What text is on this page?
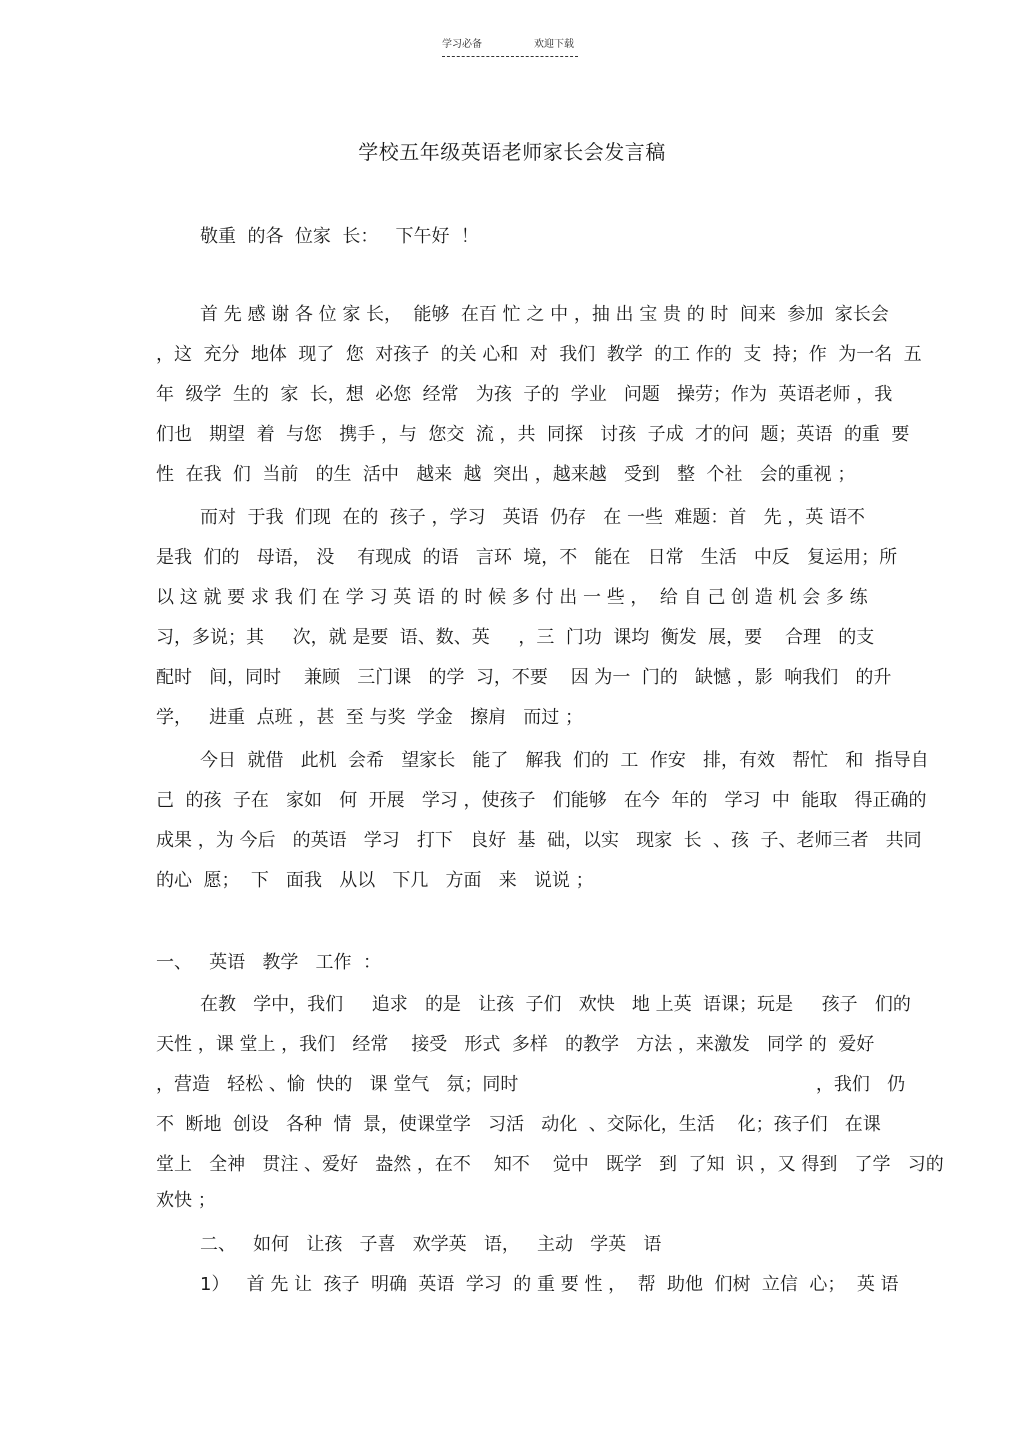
学习必备	欢迎下载
学校五年级英语老师家长会发言稿
敬重  的各  位家  长：   下午好  ！
首 先 感 谢 各 位 家 长，  能够  在百 忙 之 中 ，抽 出 宝 贵 的 时  间来  参加  家长会
，这  充分  地体  现了  您  对孩子  的关 心和  对  我们  教学  的工 作的  支  持；作  为一名  五
年  级学  生的  家  长，想  必您  经常   为孩  子的  学业   问题   操劳；作为  英语老师 ，我
们也   期望  着  与您   携手 ，与  您交  流 ，共  同探   讨孩  子成  才的问  题；英语  的重  要
性  在我  们  当前   的生  活中   越来  越  突出 ，越来越   受到   整  个社   会的重视 ；
而对  于我  们现  在的  孩子 ，学习   英语  仍存   在 一些  难题：首   先 ，英 语不
是我  们的   母语， 没    有现成  的语   言环  境，不   能在   日常   生活   中反   复运用；所
以 这 就 要 求 我 们 在 学 习 英 语 的 时 候 多 付 出 一 些 ，  给 自 己 创 造 机 会 多 练
习，多说；其     次，就 是要  语、数、英     ，三  门功  课均  衡发  展，要    合理   的支
配时   间，同时    兼顾   三门课   的学  习，不要    因 为一  门的   缺憾 ，影  响我们   的升
学，   进重  点班 ，甚  至 与奖  学金   擦肩   而过 ；
今日  就借   此机  会希   望家长   能了   解我  们的  工  作安   排，有效   帮忙   和  指导自
己  的孩  子在   家如   何  开展   学习 ，使孩子   们能够   在今  年的   学习  中  能取   得正确的
成果 ，为 今后   的英语   学习   打下   良好  基  础，以实   现家  长  、孩  子、老师三者   共同
的心  愿；  下   面我   从以   下几   方面   来   说说 ；
一、   英语   教学   工作  ：
在教   学中，我们     追求   的是   让孩  子们   欢快   地 上英  语课；玩是     孩子   们的
天性 ，课 堂上 ，我们   经常    接受   形式  多样   的教学   方法 ，来激发   同学 的  爱好
，营造   轻松 、愉  快的   课 堂气   氛；同时                                                    ，我们   仍
不  断地  创设   各种  情  景，使课堂学   习活   动化  、交际化，生活    化；孩子们   在课
堂上   全神   贯注 、爱好   盎然 ，在不    知不    觉中   既学   到  了知  识 ，又 得到   了学   习的
欢快 ；
二、   如何   让孩   子喜   欢学英   语，   主动   学英   语
1）   首 先 让  孩子  明确  英语  学习  的 重 要 性 ，  帮  助他  们树  立信  心；  英 语
